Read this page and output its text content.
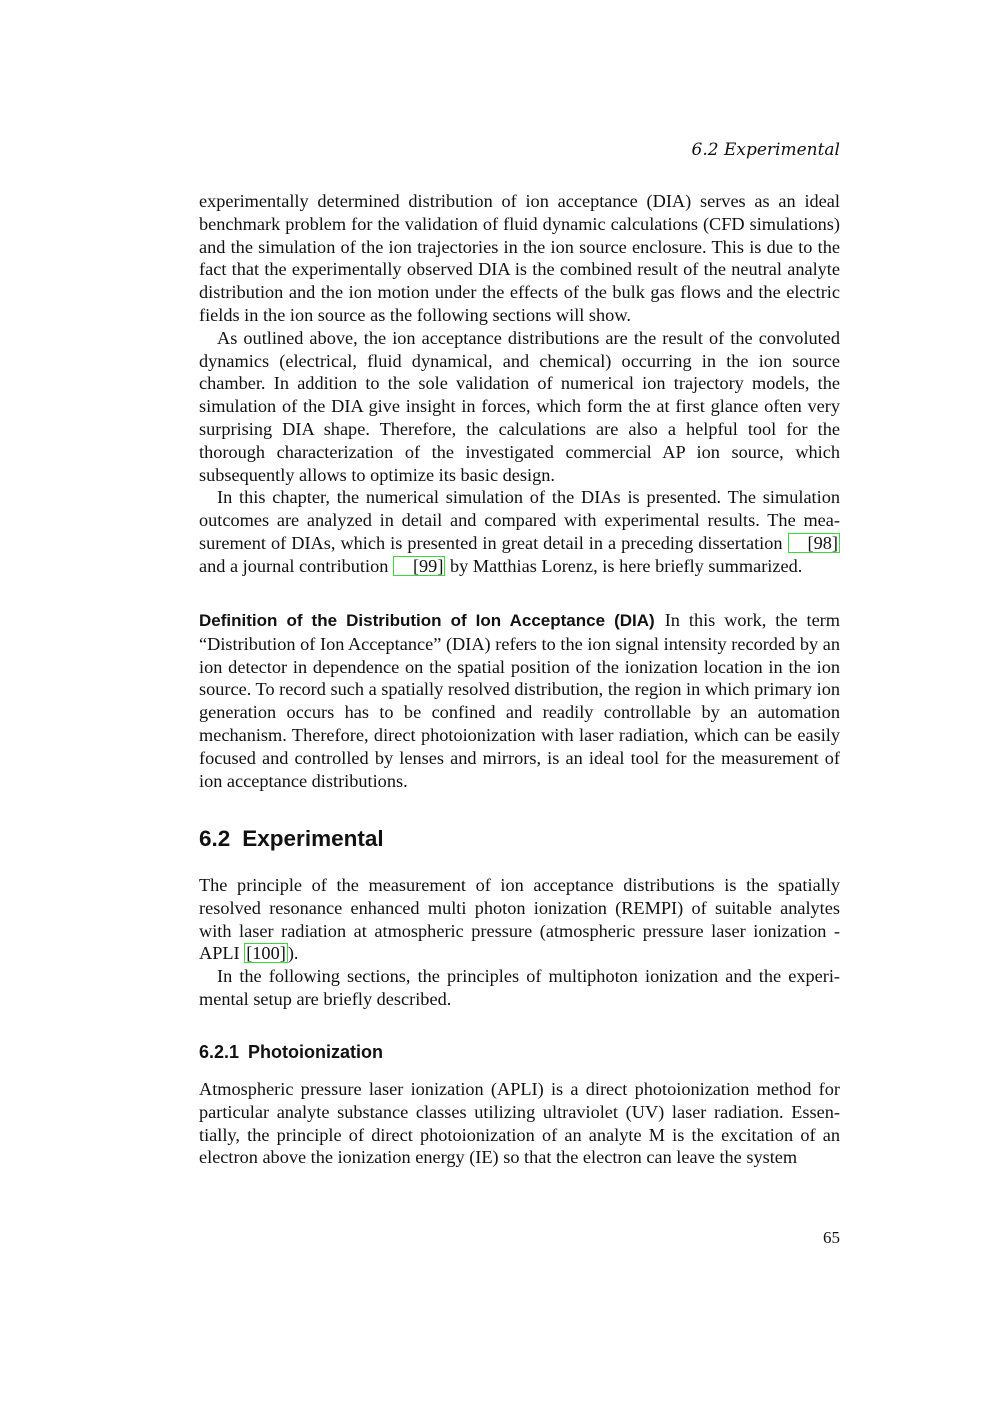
6.2 Experimental

experimentally determined distribution of ion acceptance (DIA) serves as an ideal benchmark problem for the validation of fluid dynamic calculations (CFD simulations) and the simulation of the ion trajectories in the ion source enclosure. This is due to the fact that the experimentally observed DIA is the combined result of the neutral analyte distribution and the ion motion under the effects of the bulk gas flows and the electric fields in the ion source as the following sections will show.

As outlined above, the ion acceptance distributions are the result of the convoluted dynamics (electrical, fluid dynamical, and chemical) occurring in the ion source chamber. In addition to the sole validation of numerical ion trajectory models, the simulation of the DIA give insight in forces, which form the at first glance often very surprising DIA shape. Therefore, the calculations are also a helpful tool for the thorough characterization of the investigated commercial AP ion source, which subsequently allows to optimize its basic design.

In this chapter, the numerical simulation of the DIAs is presented. The simulation outcomes are analyzed in detail and compared with experimental results. The measurement of DIAs, which is presented in great detail in a preceding dissertation [98] and a journal contribution [99] by Matthias Lorenz, is here briefly summarized.

Definition of the Distribution of Ion Acceptance (DIA) In this work, the term “Distribution of Ion Acceptance” (DIA) refers to the ion signal intensity recorded by an ion detector in dependence on the spatial position of the ionization location in the ion source. To record such a spatially resolved distribution, the region in which primary ion generation occurs has to be confined and readily controllable by an automation mechanism. Therefore, direct photoionization with laser radiation, which can be easily focused and controlled by lenses and mirrors, is an ideal tool for the measurement of ion acceptance distributions.

6.2 Experimental

The principle of the measurement of ion acceptance distributions is the spatially resolved resonance enhanced multi photon ionization (REMPI) of suitable analytes with laser radiation at atmospheric pressure (atmospheric pressure laser ionization - APLI [100] ).

In the following sections, the principles of multiphoton ionization and the experimental setup are briefly described.

6.2.1 Photoionization

Atmospheric pressure laser ionization (APLI) is a direct photoionization method for particular analyte substance classes utilizing ultraviolet (UV) laser radiation. Essentially, the principle of direct photoionization of an analyte M is the excitation of an electron above the ionization energy (IE) so that the electron can leave the system

65
